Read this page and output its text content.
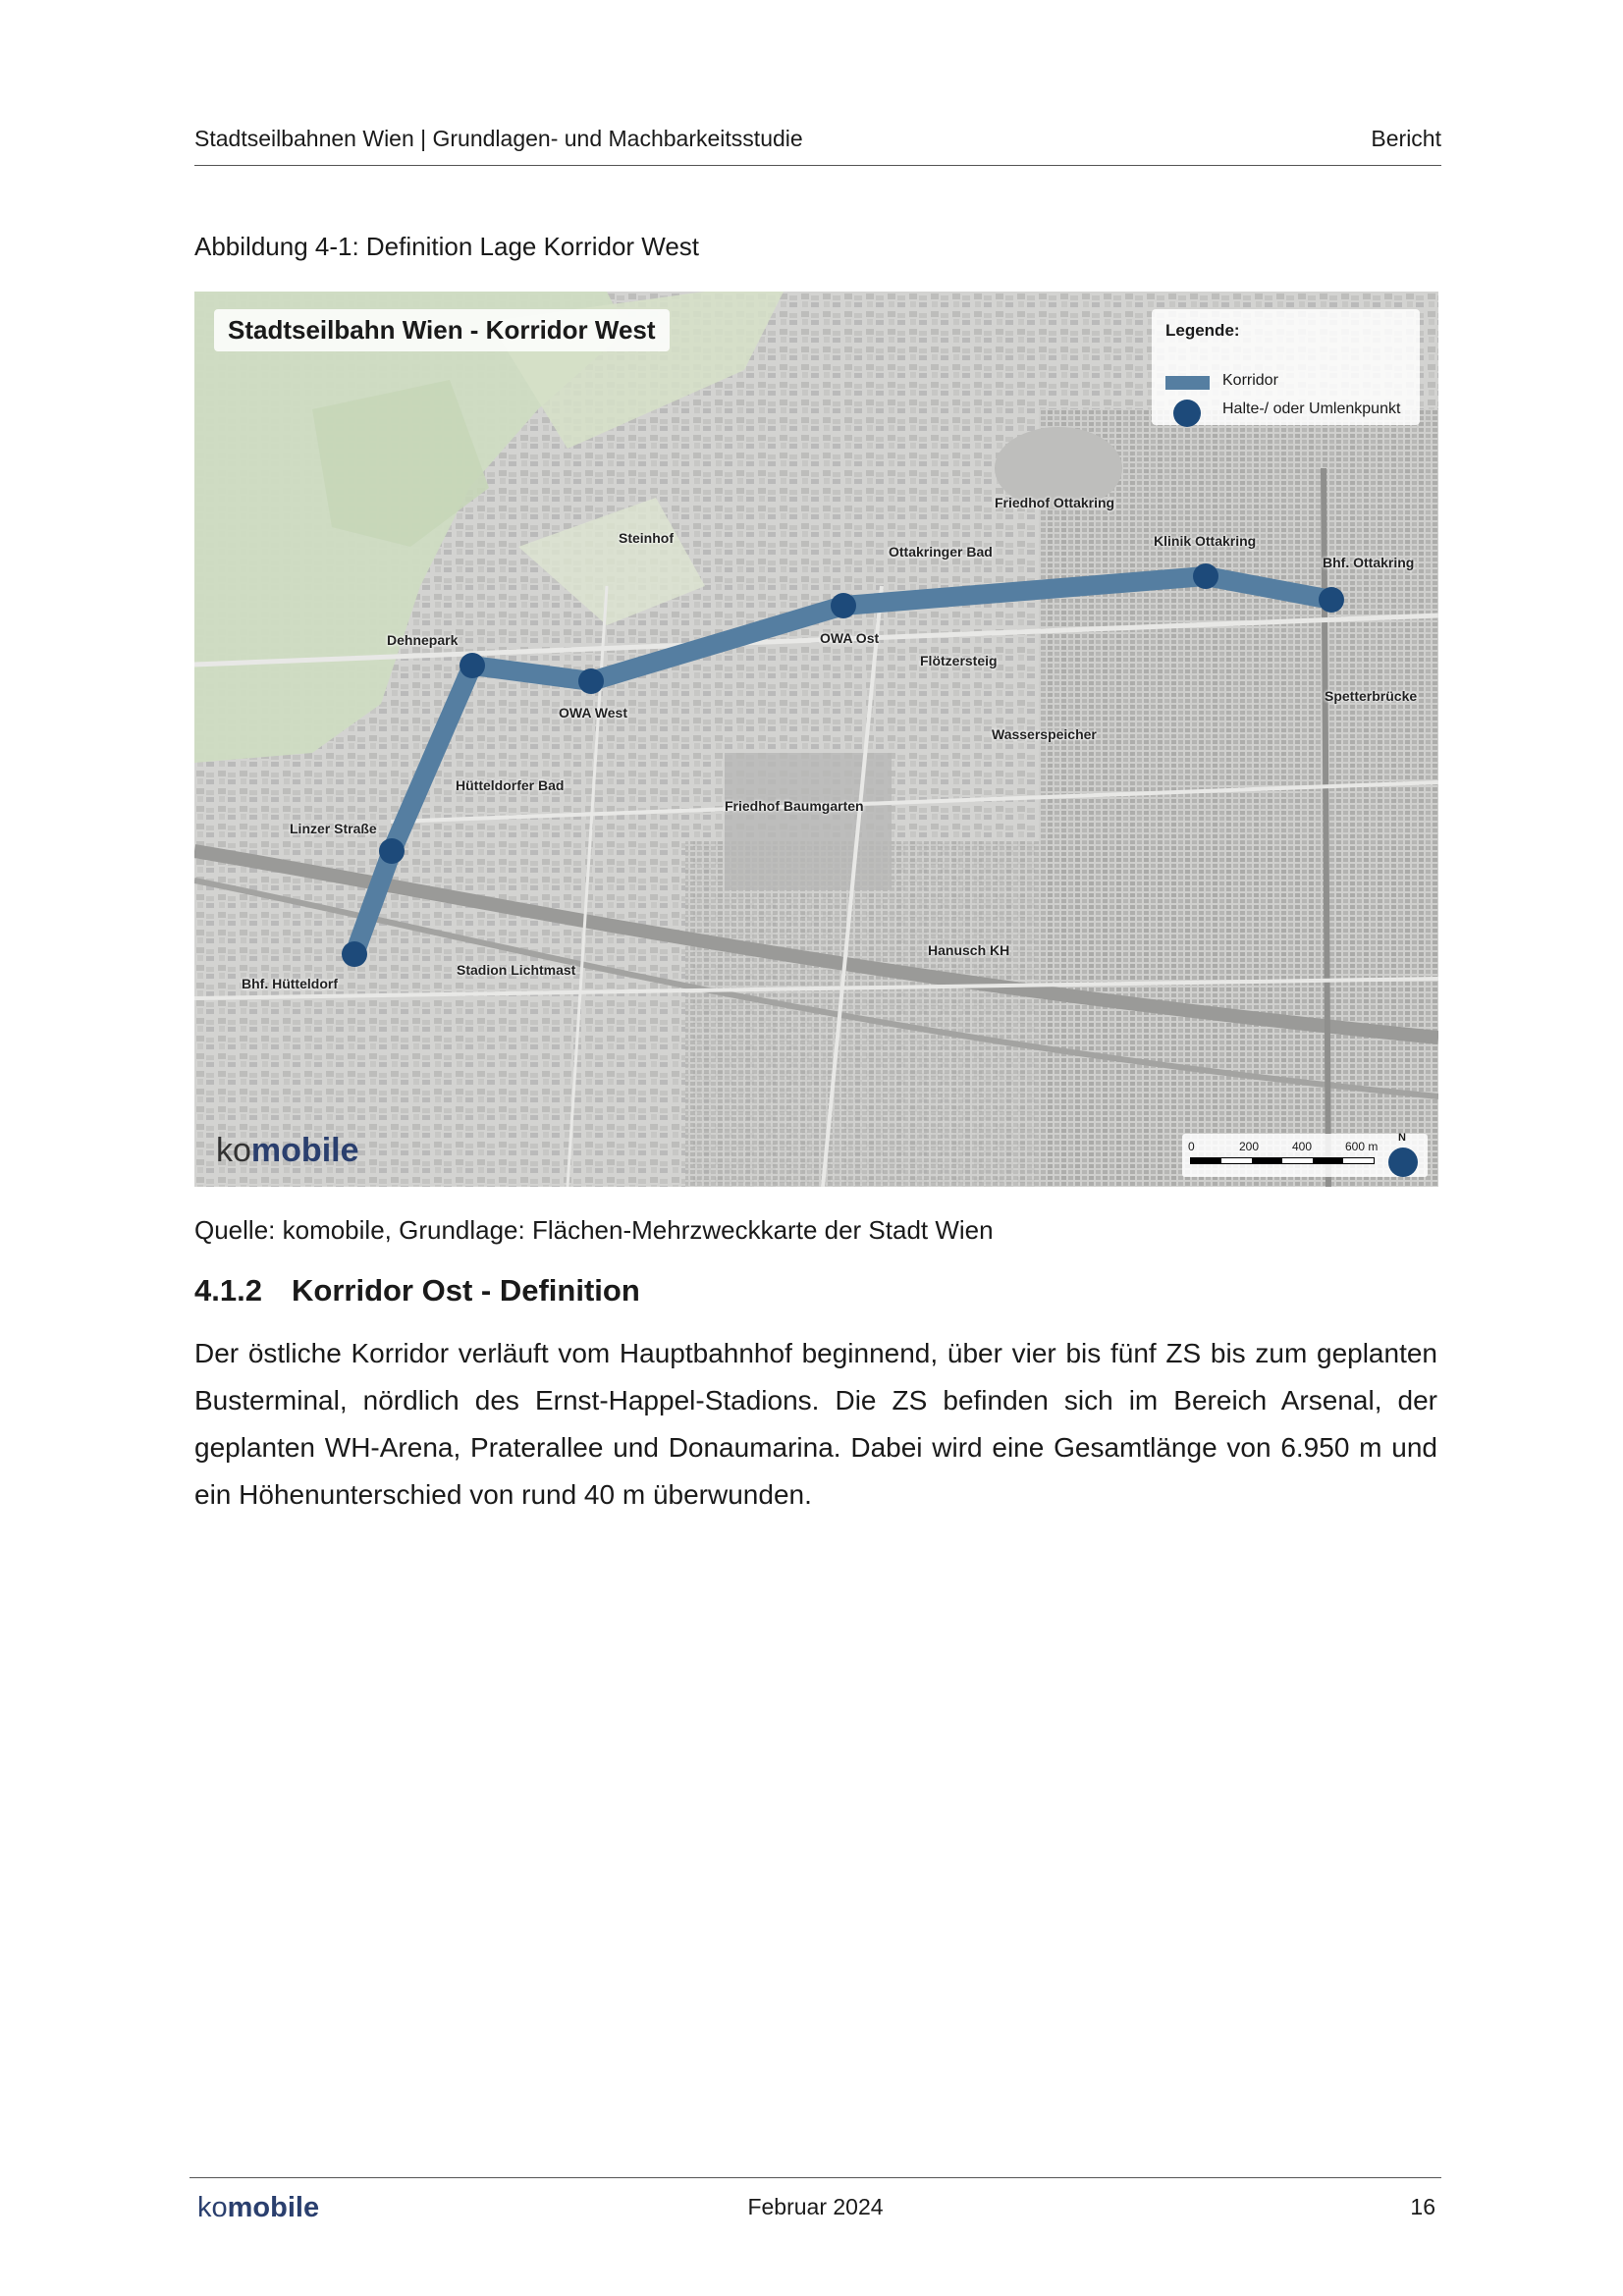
Stadtseilbahnen Wien | Grundlagen- und Machbarkeitsstudie	Bericht
Abbildung 4-1: Definition Lage Korridor West
Stadtseilbahn Wien - Korridor West	Legende:
Korridor
Halte-/ oder Umlenkpunkt
Steinhof
Friedhof Ottakring
Ottakringer Bad
Klinik Ottakring
Bhf. Ottakring
Dehnepark	OWA Ost
Flötzersteig
OWA West
Spetterbrücke
Wasserspeicher
Hütteldorfer Bad
Friedhof Baumgarten
Linzer Straße
Hanusch KH
Stadion Lichtmast
Bhf. Hütteldorf
komobile	0	200	400	600 m
N
Quelle: komobile, Grundlage: Flächen-Mehrzweckkarte der Stadt Wien
4.1.2 Korridor Ost - Definition
Der östliche Korridor verläuft vom Hauptbahnhof beginnend, über vier bis fünf ZS bis zum geplanten Busterminal, nördlich des Ernst-Happel-Stadions. Die ZS befinden sich im Bereich Arsenal, der geplanten WH-Arena, Praterallee und Donaumarina. Dabei wird eine Gesamtlänge von 6.950 m und ein Höhenunterschied von rund 40 m überwunden.
komobile	Februar 2024	16
